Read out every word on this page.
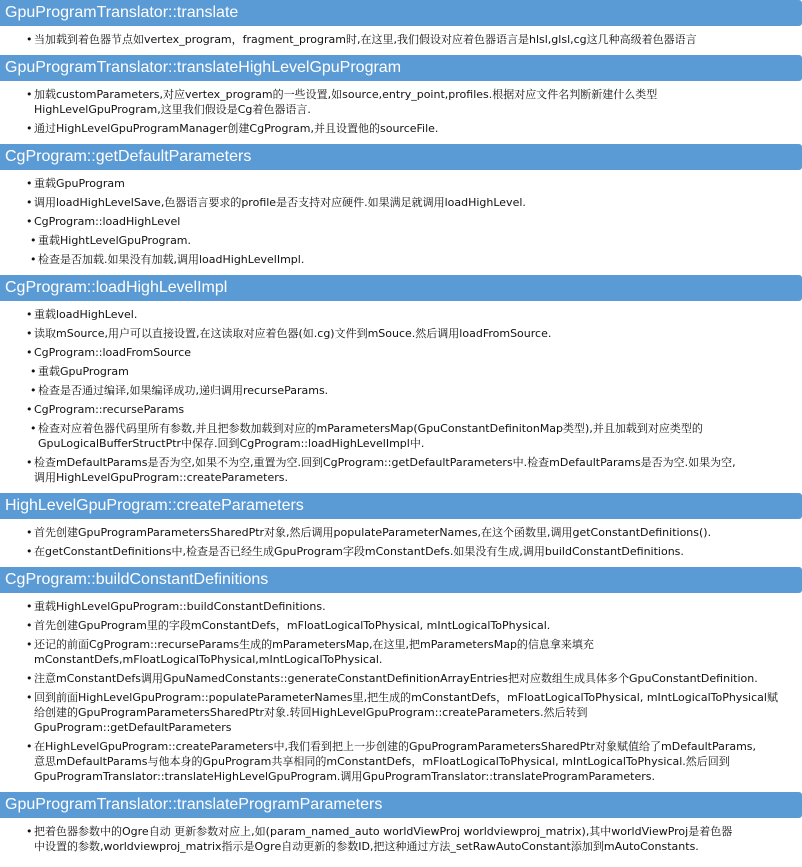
GpuProgramTranslator::translate
• 当加载到着色器节点如vertex_program，fragment_program时,在这里,我们假设对应着色器语言是hlsl,glsl,cg这几种高级着色器语言
GpuProgramTranslator::translateHighLevelGpuProgram
• 加载customParameters,对应vertex_program的一些设置,如source,entry_point,profiles.根据对应文件名判断新建什么类型
HighLevelGpuProgram,这里我们假设是Cg着色器语言.
• 通过HighLevelGpuProgramManager创建CgProgram,并且设置他的sourceFile.
CgProgram::getDefaultParameters
• 重载GpuProgram
• 调用loadHighLevelSave,色器语言要求的profile是否支持对应硬件.如果满足就调用loadHighLevel.
• CgProgram::loadHighLevel
• 重载HightLevelGpuProgram.
• 检查是否加载.如果没有加载,调用loadHighLevelImpl.
CgProgram::loadHighLevelImpl
• 重载loadHighLevel.
• 读取mSource,用户可以直接设置,在这读取对应着色器(如.cg)文件到mSouce.然后调用loadFromSource.
• CgProgram::loadFromSource
• 重载GpuProgram
• 检查是否通过编译,如果编译成功,递归调用recurseParams.
• CgProgram::recurseParams
• 检查对应着色器代码里所有参数,并且把参数加载到对应的mParametersMap(GpuConstantDefinitonMap类型),并且加载到对应类型的
GpuLogicalBufferStructPtr中保存.回到CgProgram::loadHighLevelImpl中.
• 检查mDefaultParams是否为空,如果不为空,重置为空.回到CgProgram::getDefaultParameters中.检查mDefaultParams是否为空.如果为空,
调用HighLevelGpuProgram::createParameters.
HighLevelGpuProgram::createParameters
• 首先创建GpuProgramParametersSharedPtr对象,然后调用populateParameterNames,在这个函数里,调用getConstantDefinitions().
• 在getConstantDefinitions中,检查是否已经生成GpuProgram字段mConstantDefs.如果没有生成,调用buildConstantDefinitions.
CgProgram::buildConstantDefinitions
• 重载HighLevelGpuProgram::buildConstantDefinitions.
• 首先创建GpuProgram里的字段mConstantDefs，mFloatLogicalToPhysical, mIntLogicalToPhysical.
• 还记的前面CgProgram::recurseParams生成的mParametersMap,在这里,把mParametersMap的信息拿来填充
mConstantDefs,mFloatLogicalToPhysical,mIntLogicalToPhysical.
• 注意mConstantDefs调用GpuNamedConstants::generateConstantDefinitionArrayEntries把对应数组生成具体多个GpuConstantDefinition.
• 回到前面HighLevelGpuProgram::populateParameterNames里,把生成的mConstantDefs，mFloatLogicalToPhysical, mIntLogicalToPhysical赋
给创建的GpuProgramParametersSharedPtr对象.转回HighLevelGpuProgram::createParameters.然后转到
GpuProgram::getDefaultParameters
• 在HighLevelGpuProgram::createParameters中,我们看到把上一步创建的GpuProgramParametersSharedPtr对象赋值给了mDefaultParams,
意思mDefaultParams与他本身的GpuProgram共享相同的mConstantDefs，mFloatLogicalToPhysical, mIntLogicalToPhysical.然后回到
GpuProgramTranslator::translateHighLevelGpuProgram.调用GpuProgramTranslator::translateProgramParameters.
GpuProgramTranslator::translateProgramParameters
• 把着色器参数中的Ogre自动 更新参数对应上,如(param_named_auto worldViewProj worldviewproj_matrix),其中worldViewProj是着色器
中设置的参数,worldviewproj_matrix指示是Ogre自动更新的参数ID,把这种通过方法_setRawAutoConstant添加到mAutoConstants.
